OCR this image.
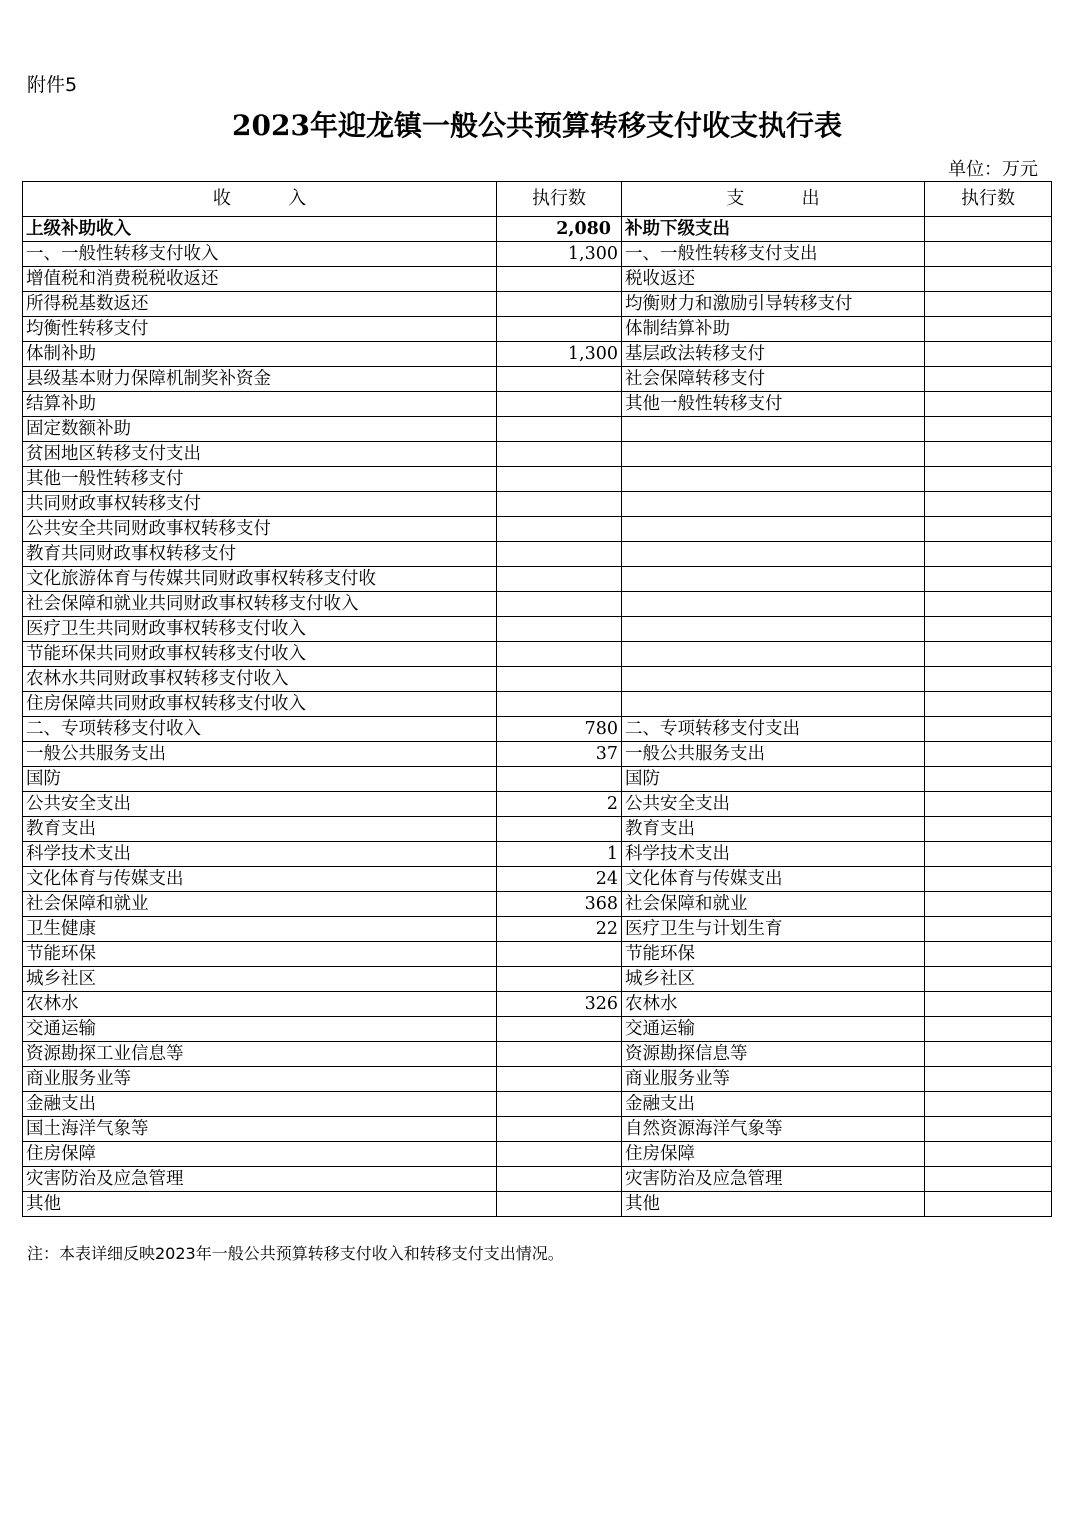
附件5
2023年迎龙镇一般公共预算转移支付收支执行表
单位：万元
收          入	执行数	支          出	执行数
上级补助收入	2,080	补助下级支出	
一、一般性转移支付收入	1,300	一、一般性转移支付支出	
增值税和消费税税收返还		税收返还	
所得税基数返还		均衡财力和激励引导转移支付	
均衡性转移支付		体制结算补助	
体制补助	1,300	基层政法转移支付	
县级基本财力保障机制奖补资金		社会保障转移支付	
结算补助		其他一般性转移支付	
固定数额补助			
贫困地区转移支付支出			
其他一般性转移支付			
共同财政事权转移支付			
公共安全共同财政事权转移支付			
教育共同财政事权转移支付			
文化旅游体育与传媒共同财政事权转移支付收			
社会保障和就业共同财政事权转移支付收入			
医疗卫生共同财政事权转移支付收入			
节能环保共同财政事权转移支付收入			
农林水共同财政事权转移支付收入			
住房保障共同财政事权转移支付收入			
二、专项转移支付收入	780	二、专项转移支付支出	
一般公共服务支出	37	一般公共服务支出	
国防		国防	
公共安全支出	2	公共安全支出	
教育支出		教育支出	
科学技术支出	1	科学技术支出	
文化体育与传媒支出	24	文化体育与传媒支出	
社会保障和就业	368	社会保障和就业	
卫生健康	22	医疗卫生与计划生育	
节能环保		节能环保	
城乡社区		城乡社区	
农林水	326	农林水	
交通运输		交通运输	
资源勘探工业信息等		资源勘探信息等	
商业服务业等		商业服务业等	
金融支出		金融支出	
国土海洋气象等		自然资源海洋气象等	
住房保障		住房保障	
灾害防治及应急管理		灾害防治及应急管理	
其他		其他	
注：本表详细反映2023年一般公共预算转移支付收入和转移支付支出情况。
